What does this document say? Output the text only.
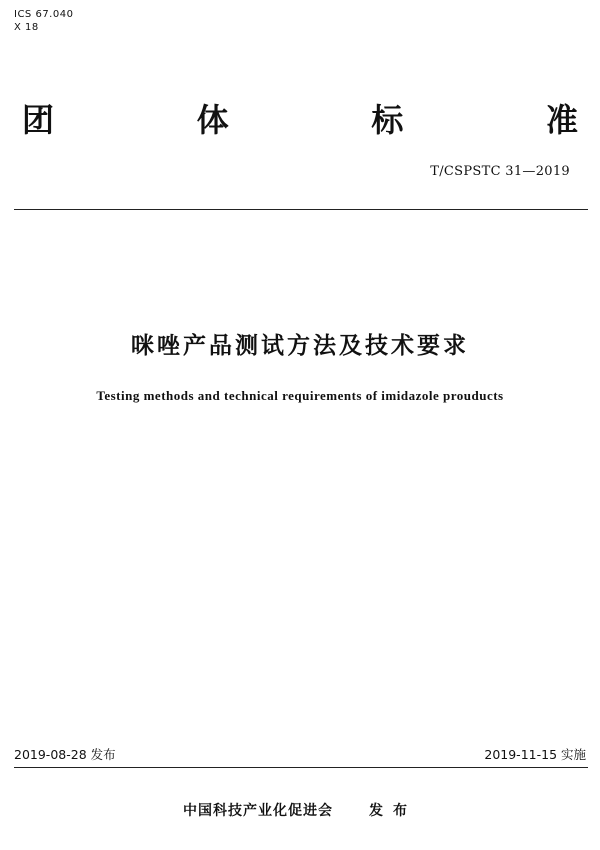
ICS 67.040
X 18
团	体	标	准
T/CSPSTC 31—2019
咪唑产品测试方法及技术要求
Testing methods and technical requirements of imidazole prouducts
2019-08-28 发布	2019-11-15 实施
中国科技产业化促进会	发布
